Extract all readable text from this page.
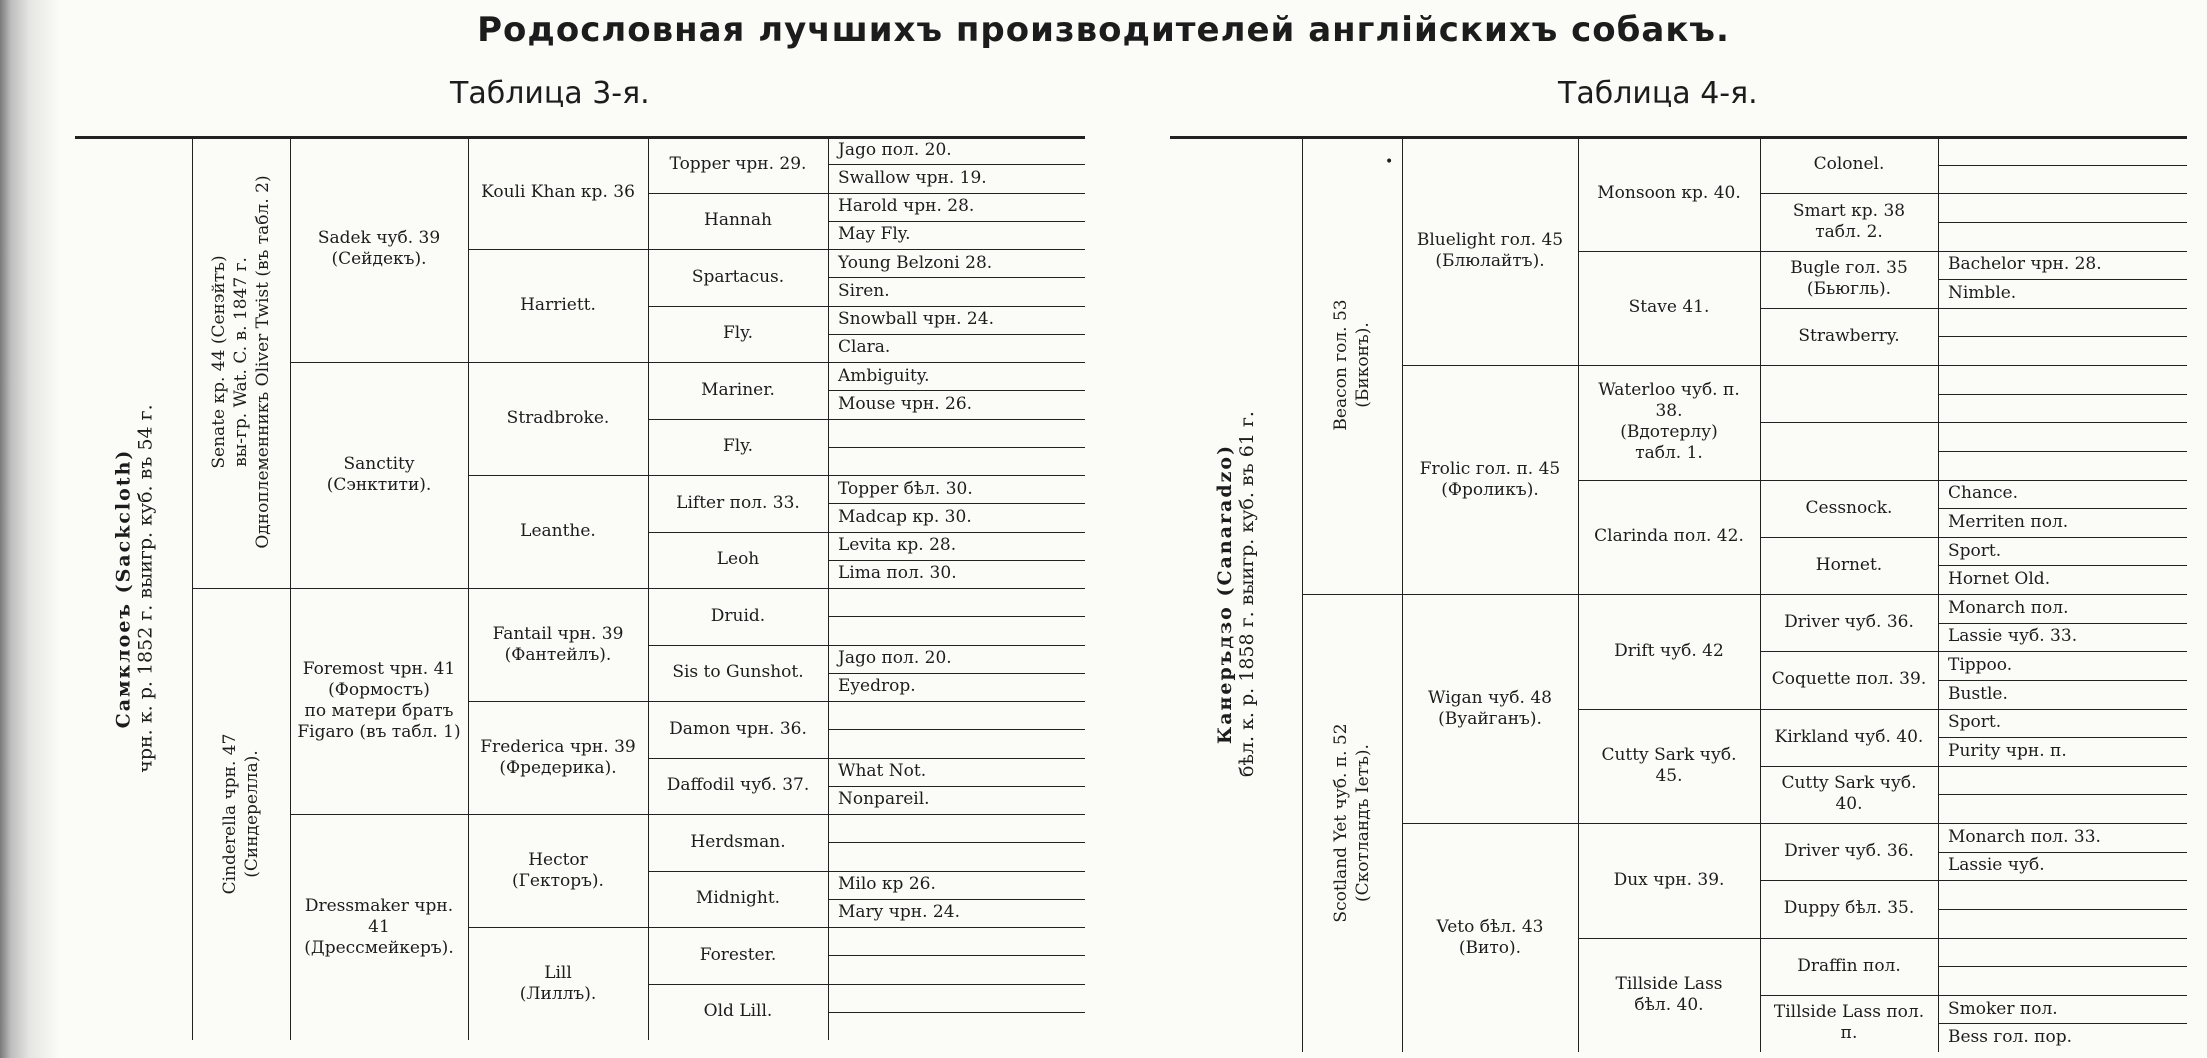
Родословная лучшихъ производителей англійскихъ собакъ.
Таблица 3-я.	Таблица 4-я.
Самклоеъ (Sackcloth) чрн. к. р. 1852 г. выигр. куб. въ 54 г.
Senate кр. 44 (Сенэйтъ) вы-гр. Wat. C. в. 1847 г. Одноплеменникъ Oliver Twist (въ табл. 2)
Cinderella чрн. 47 (Синдерелла).
Sadek чуб. 39
(Сейдекъ).
Sanctity
(Сэнктити).
Foremost чрн. 41
(Формостъ)
по матери братъ
Figaro (въ табл. 1)
Dressmaker чрн.
41
(Дрессмейкеръ).
Kouli Khan кр. 36
Harriett.
Stradbroke.
Leanthe.
Fantail чрн. 39
(Фантейлъ).
Frederica чрн. 39
(Фредерика).
Hector
(Гекторъ).
Lill
(Лиллъ).
Topper чрн. 29.
Hannah
Spartacus.
Fly.
Mariner.
Fly.
Lifter пол. 33.
Leoh
Druid.
Sis to Gunshot.
Damon чрн. 36.
Daffodil чуб. 37.
Herdsman.
Midnight.
Forester.
Old Lill.
Jago пол. 20.
Swallow чрн. 19.
Harold чрн. 28.
May Fly.
Young Belzoni 28.
Siren.
Snowball чрн. 24.
Clara.
Ambiguity.
Mouse чрн. 26.
Topper бѣл. 30.
Madcap кр. 30.
Levita кр. 28.
Lima пол. 30.
Jago пол. 20.
Eyedrop.
What Not.
Nonpareil.
Milo кр 26.
Mary чрн. 24.
Канеръдзо (Canaradzo) бѣл. к. р. 1858 г. выигр. куб. въ 61 г.
Beacon гол. 53 (Биконъ).
Scotland Yet чуб. п. 52 (Скотландъ Іетъ).
Bluelight гол. 45
(Блюлайтъ).
Frolic гол. п. 45
(Фроликъ).
Wigan чуб. 48
(Вуайганъ).
Veto бѣл. 43
(Вито).
Monsoon кр. 40.
Stave 41.
Waterloo чуб. п.
38.
(Вдотерлу)
табл. 1.
Clarinda пол. 42.
Drift чуб. 42
Cutty Sark чуб.
45.
Dux чрн. 39.
Tillside Lass
бѣл. 40.
Colonel.
Smart кр. 38
табл. 2.
Bugle гол. 35
(Бьюгль).
Strawberry.
Cessnock.
Hornet.
Driver чуб. 36.
Coquette пол. 39.
Kirkland чуб. 40.
Cutty Sark чуб.
40.
Driver чуб. 36.
Duppy бѣл. 35.
Draffin пол.
Tillside Lass пол.
п.
Bachelor чрн. 28.
Nimble.
Chance.
Merriten пол.
Sport.
Hornet Old.
Monarch пол.
Lassie чуб. 33.
Tippoo.
Bustle.
Sport.
Purity чрн. п.
Monarch пол. 33.
Lassie чуб.
Smoker пол.
Bess гол. пор.
•
